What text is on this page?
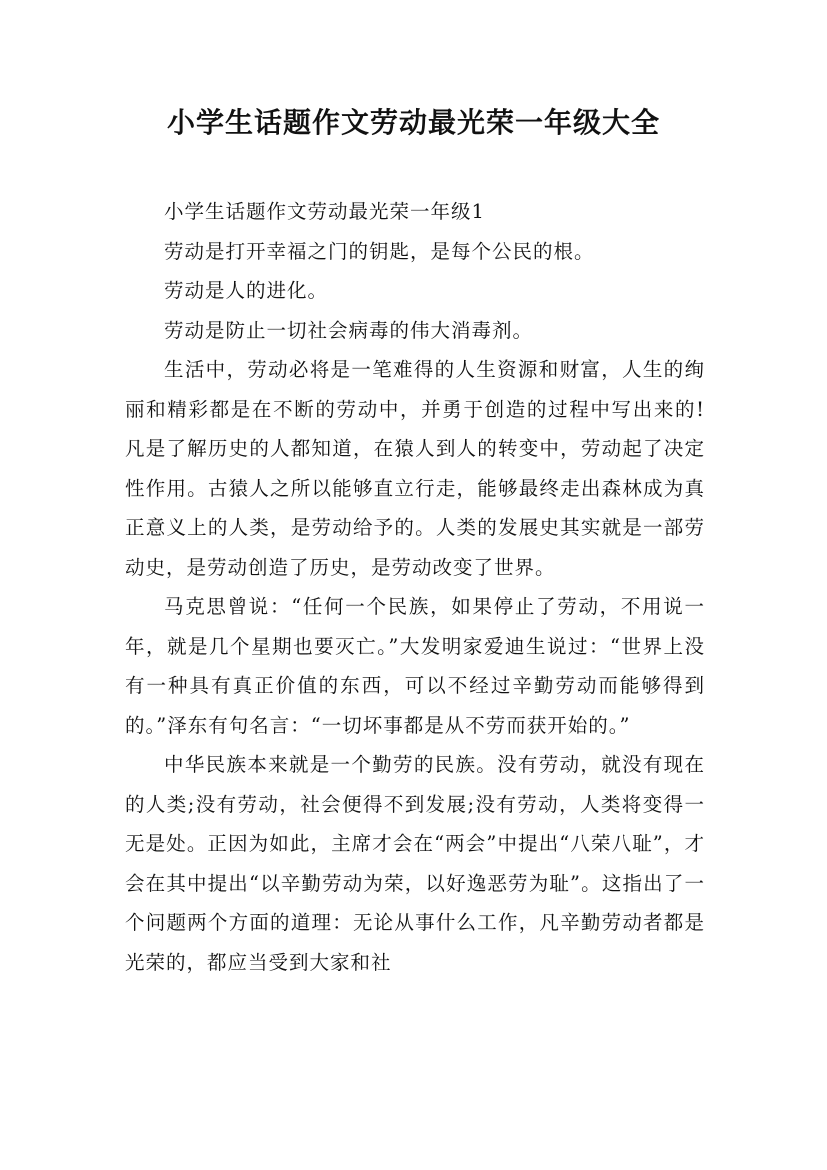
小学生话题作文劳动最光荣一年级大全

小学生话题作文劳动最光荣一年级1

劳动是打开幸福之门的钥匙，是每个公民的根。

劳动是人的进化。

劳动是防止一切社会病毒的伟大消毒剂。

生活中，劳动必将是一笔难得的人生资源和财富，人生的绚丽和精彩都是在不断的劳动中，并勇于创造的过程中写出来的!凡是了解历史的人都知道，在猿人到人的转变中，劳动起了决定性作用。古猿人之所以能够直立行走，能够最终走出森林成为真正意义上的人类，是劳动给予的。人类的发展史其实就是一部劳动史，是劳动创造了历史，是劳动改变了世界。

马克思曾说：“任何一个民族，如果停止了劳动，不用说一年，就是几个星期也要灭亡。”大发明家爱迪生说过：“世界上没有一种具有真正价值的东西，可以不经过辛勤劳动而能够得到的。”泽东有句名言：“一切坏事都是从不劳而获开始的。”

中华民族本来就是一个勤劳的民族。没有劳动，就没有现在的人类;没有劳动，社会便得不到发展;没有劳动，人类将变得一无是处。正因为如此，主席才会在“两会”中提出“八荣八耻”，才会在其中提出“以辛勤劳动为荣，以好逸恶劳为耻”。这指出了一个问题两个方面的道理：无论从事什么工作，凡辛勤劳动者都是光荣的，都应当受到大家和社
